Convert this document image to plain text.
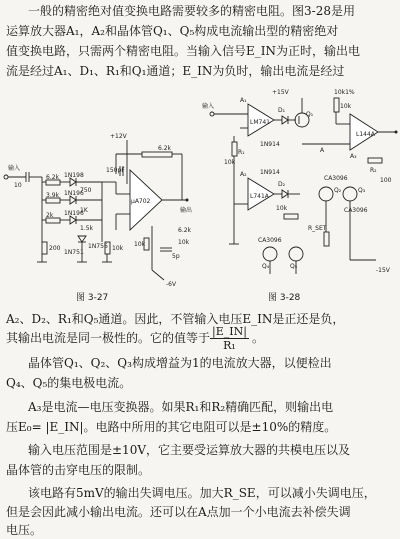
一般的精密绝对值变换电路需要较多的精密电阻。图3-28是用
运算放大器A₁，A₂和晶体管Q₁、Q₅构成电流输出型的精密绝对
值变换电路，只需两个精密电阻。当输入信号E_IN为正时，输出电
流是经过A₁、D₁、R₁和Q₁通道；E_IN为负时，输出电流是经过
输入
10
6.2k
3.9k
2k
200
1N198
1N196
1N196
750
1K
1.5k
1N751
1N756 10k
+12V
6.2k
150pF
μA702
输出
10k
5p
10k
6.2k
-6V
图 3-27
输入
+15V
A₁
LM741
D₁
1N914
Q₁
R₁
10k
A₂
L741A
1N914
D₂
10k
CA3096
Q₄	Q₅
10k1%
10k
L144A
A₃
R₂
A
CA3096
Q₂	Q₃
100
CA3096
R_SET
-15V
图 3-28
A₂、D₂、R₁和Q₅通道。因此，不管输入电压E_IN是正还是负，
其输出电流是同一极性的。它的值等于 $\frac{|E\_IN|}{\text{R₁}}$ 。
晶体管Q₁、Q₂、Q₃构成增益为1的电流放大器，以便检出
Q₄、Q₅的集电极电流。
A₃是电流—电压变换器。如果R₁和R₂精确匹配，则输出电
压E₀= |E_IN|。电路中所用的其它电阻可以是±10%的精度。
输入电压范围是±10V，它主要受运算放大器的共模电压以及
晶体管的击穿电压的限制。
该电路有5mV的输出失调电压。加大R_SE，可以减小失调电压，
但是会因此减小输出电流。还可以在A点加一个小电流去补偿失调
电压。
